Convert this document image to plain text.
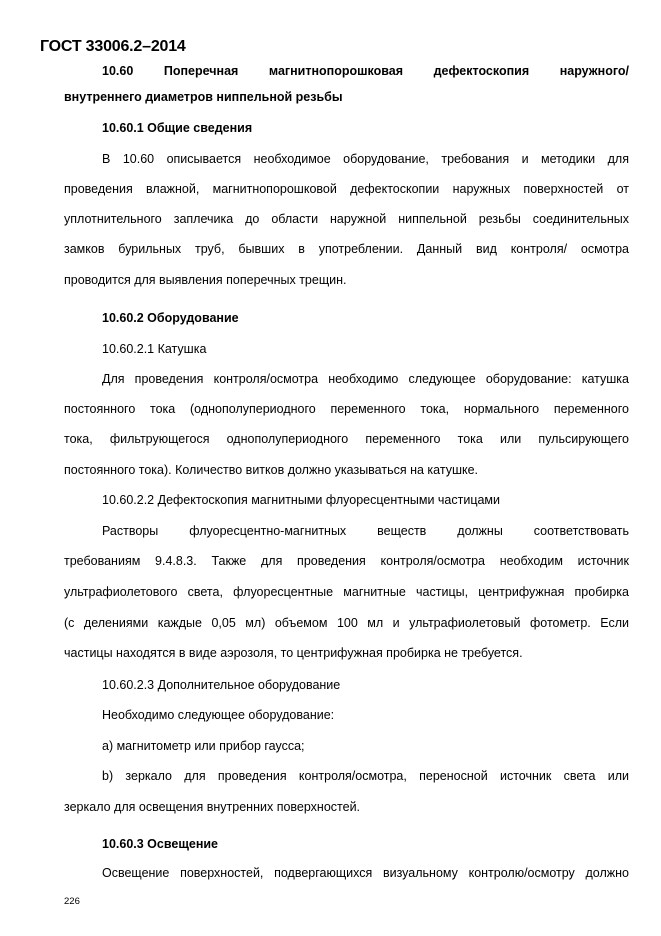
ГОСТ 33006.2–2014
10.60 Поперечная магнитнопорошковая дефектоскопия наружного/
внутреннего диаметров ниппельной резьбы
10.60.1 Общие сведения
В 10.60 описывается необходимое оборудование, требования и методики для
проведения влажной, магнитнопорошковой дефектоскопии наружных поверхностей от
уплотнительного заплечика до области наружной ниппельной резьбы соединительных
замков бурильных труб, бывших в употреблении. Данный вид контроля/ осмотра
проводится для выявления поперечных трещин.
10.60.2 Оборудование
10.60.2.1 Катушка
Для проведения контроля/осмотра необходимо следующее оборудование: катушка
постоянного тока (однополупериодного переменного тока, нормального переменного
тока, фильтрующегося однополупериодного переменного тока или пульсирующего
постоянного тока). Количество витков должно указываться на катушке.
10.60.2.2 Дефектоскопия магнитными флуоресцентными частицами
Растворы флуоресцентно-магнитных веществ должны соответствовать
требованиям 9.4.8.3. Также для проведения контроля/осмотра необходим источник
ультрафиолетового света, флуоресцентные магнитные частицы, центрифужная пробирка
(с делениями каждые 0,05 мл) объемом 100 мл и ультрафиолетовый фотометр. Если
частицы находятся в виде аэрозоля, то центрифужная пробирка не требуется.
10.60.2.3 Дополнительное оборудование
Необходимо следующее оборудование:
а) магнитометр или прибор гаусса;
b) зеркало для проведения контроля/осмотра, переносной источник света или
зеркало для освещения внутренних поверхностей.
10.60.3 Освещение
Освещение поверхностей, подвергающихся визуальному контролю/осмотру должно
226
